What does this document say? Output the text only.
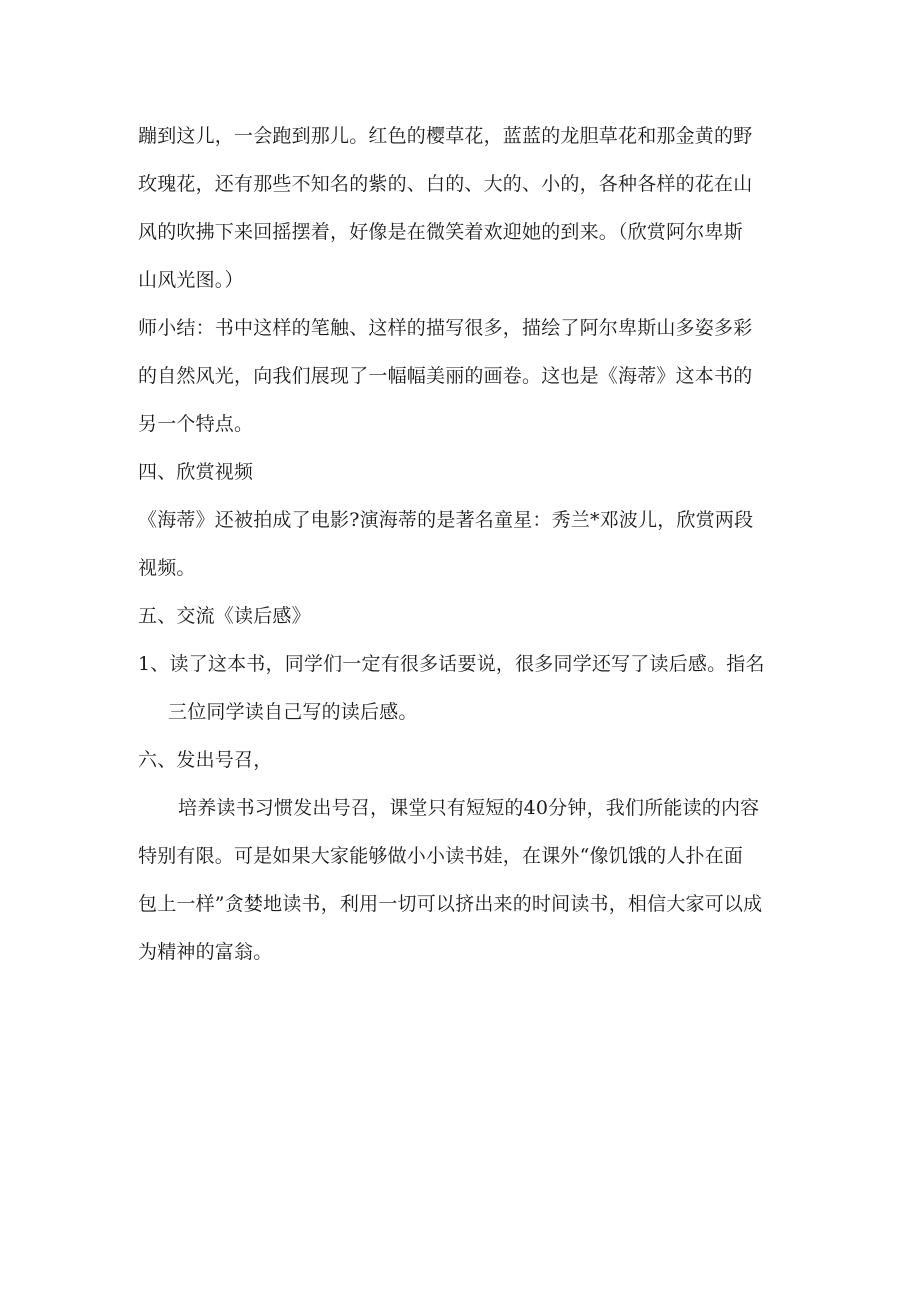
蹦到这儿，一会跑到那儿。红色的樱草花，蓝蓝的龙胆草花和那金黄的野
玫瑰花，还有那些不知名的紫的、白的、大的、小的，各种各样的花在山
风的吹拂下来回摇摆着，好像是在微笑着欢迎她的到来。（欣赏阿尔卑斯
山风光图。）
师小结：书中这样的笔触、这样的描写很多，描绘了阿尔卑斯山多姿多彩
的自然风光，向我们展现了一幅幅美丽的画卷。这也是《海蒂》这本书的
另一个特点。
四、欣赏视频
《海蒂》还被拍成了电影?演海蒂的是著名童星：秀兰*邓波儿，欣赏两段
视频。
五、交流《读后感》
1、读了这本书，同学们一定有很多话要说，很多同学还写了读后感。指名
三位同学读自己写的读后感。
六、发出号召，
培养读书习惯发出号召，课堂只有短短的40分钟，我们所能读的内容
特别有限。可是如果大家能够做小小读书娃，在课外“像饥饿的人扑在面
包上一样”贪婪地读书，利用一切可以挤出来的时间读书，相信大家可以成
为精神的富翁。
